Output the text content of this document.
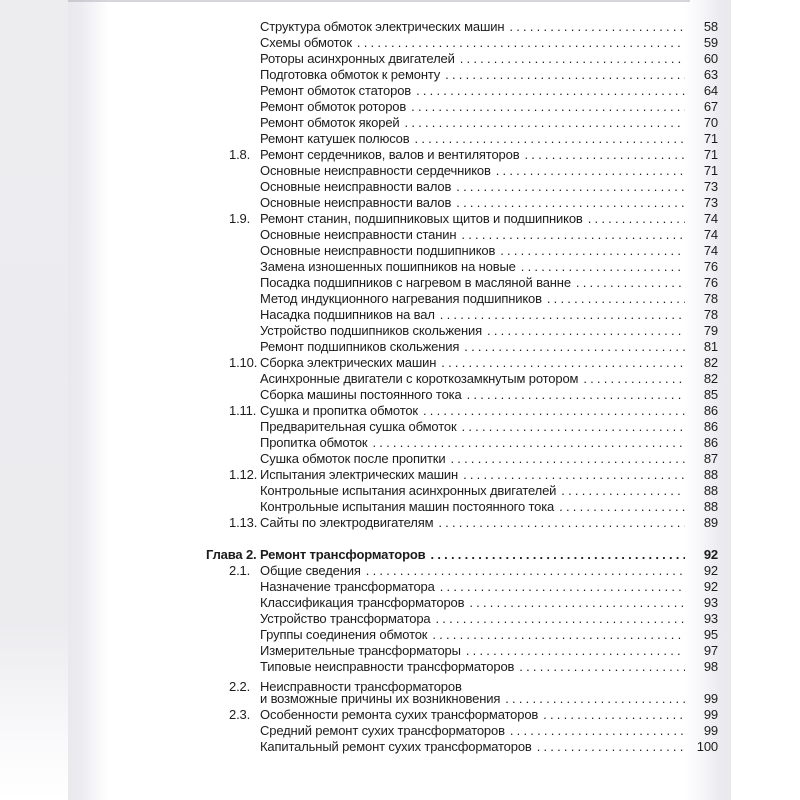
Структура обмоток электрических машин .....	58
Схемы обмоток .....	59
Роторы асинхронных двигателей .....	60
Подготовка обмоток к ремонту .....	63
Ремонт обмоток статоров .....	64
Ремонт обмоток роторов .....	67
Ремонт обмоток якорей .....	70
Ремонт катушек полюсов .....	71
1.8. Ремонт сердечников, валов и вентиляторов .....	71
Основные неисправности сердечников .....	71
Основные неисправности валов .....	73
Основные неисправности валов .....	73
1.9. Ремонт станин, подшипниковых щитов и подшипников .....	74
Основные неисправности станин .....	74
Основные неисправности подшипников .....	74
Замена изношенных пошипников на новые .....	76
Посадка подшипников с нагревом в масляной ванне .....	76
Метод индукционного нагревания подшипников .....	78
Насадка подшипников на вал .....	78
Устройство подшипников скольжения .....	79
Ремонт подшипников скольжения .....	81
1.10. Сборка электрических машин .....	82
Асинхронные двигатели с короткозамкнутым ротором .....	82
Сборка машины постоянного тока .....	85
1.11. Сушка и пропитка обмоток .....	86
Предварительная сушка обмоток .....	86
Пропитка обмоток .....	86
Сушка обмоток после пропитки .....	87
1.12. Испытания электрических машин .....	88
Контрольные испытания асинхронных двигателей .....	88
Контрольные испытания машин постоянного тока .....	88
1.13. Сайты по электродвигателям .....	89
Глава 2. Ремонт трансформаторов .....	92
2.1. Общие сведения .....	92
Назначение трансформатора .....	92
Классификация трансформаторов .....	93
Устройство трансформатора .....	93
Группы соединения обмоток .....	95
Измерительные трансформаторы .....	97
Типовые неисправности трансформаторов .....	98
2.2. Неисправности трансформаторов
и возможные причины их возникновения .....	99
2.3. Особенности ремонта сухих трансформаторов .....	99
Средний ремонт сухих трансформаторов .....	99
Капитальный ремонт сухих трансформаторов .....	100
